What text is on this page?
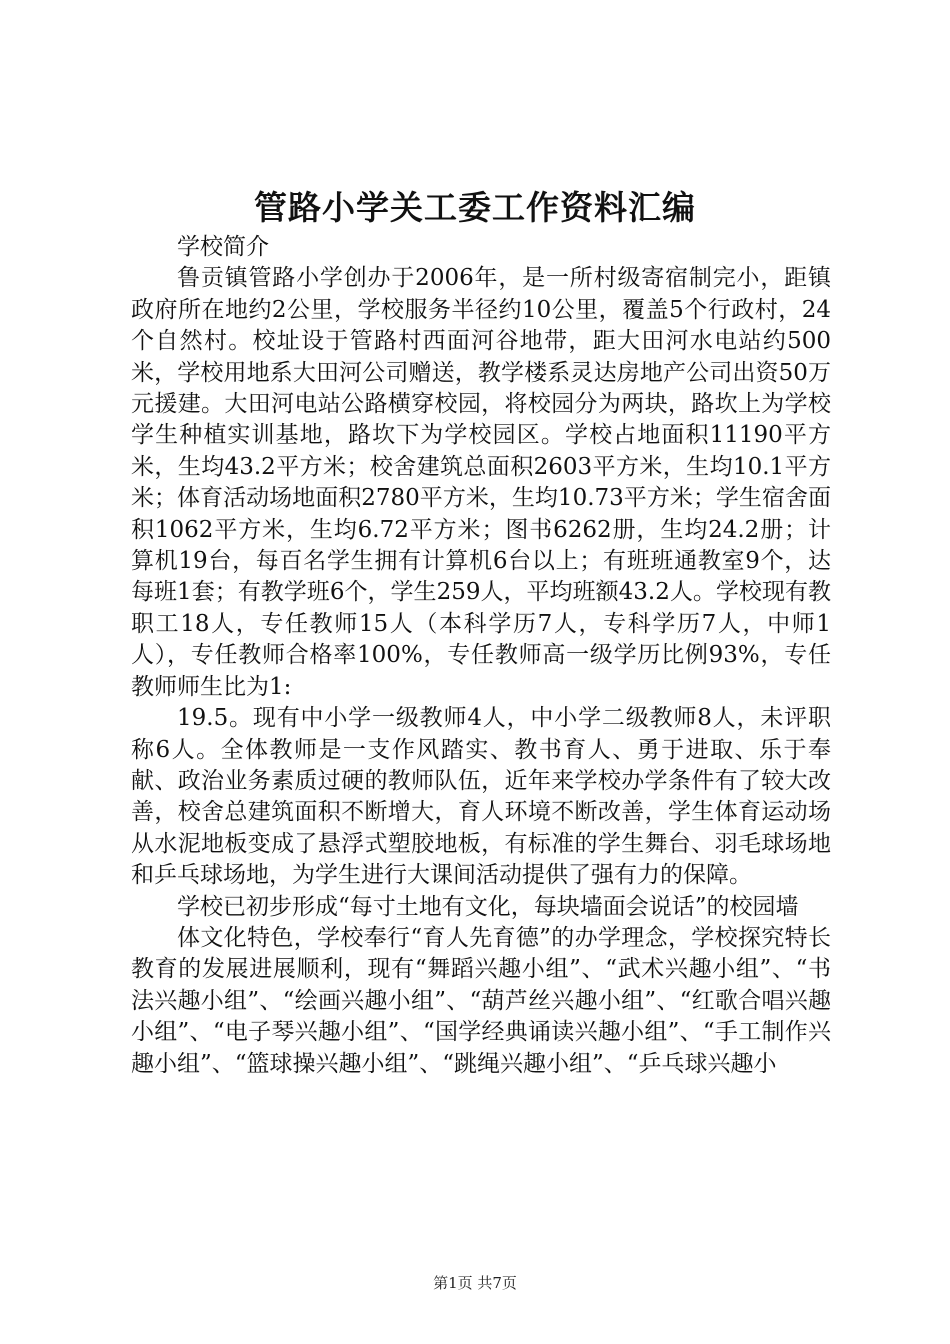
管路小学关工委工作资料汇编

学校简介

鲁贡镇管路小学创办于2006年，是一所村级寄宿制完小，距镇政府所在地约2公里，学校服务半径约10公里，覆盖5个行政村，24个自然村。校址设于管路村西面河谷地带，距大田河水电站约500米，学校用地系大田河公司赠送，教学楼系灵达房地产公司出资50万元援建。大田河电站公路横穿校园，将校园分为两块，路坎上为学校学生种植实训基地，路坎下为学校园区。学校占地面积11190平方米，生均43.2平方米；校舍建筑总面积2603平方米，生均10.1平方米；体育活动场地面积2780平方米，生均10.73平方米；学生宿舍面积1062平方米，生均6.72平方米；图书6262册，生均24.2册；计算机19台，每百名学生拥有计算机6台以上；有班班通教室9个，达每班1套；有教学班6个，学生259人，平均班额43.2人。学校现有教职工18人，专任教师15人（本科学历7人，专科学历7人，中师1人），专任教师合格率100%，专任教师高一级学历比例93%，专任教师师生比为1:

19.5。现有中小学一级教师4人，中小学二级教师8人，未评职称6人。全体教师是一支作风踏实、教书育人、勇于进取、乐于奉献、政治业务素质过硬的教师队伍，近年来学校办学条件有了较大改善，校舍总建筑面积不断增大，育人环境不断改善，学生体育运动场从水泥地板变成了悬浮式塑胶地板，有标准的学生舞台、羽毛球场地和乒乓球场地，为学生进行大课间活动提供了强有力的保障。

学校已初步形成“每寸土地有文化，每块墙面会说话”的校园墙

体文化特色，学校奉行“育人先育德”的办学理念，学校探究特长教育的发展进展顺利，现有“舞蹈兴趣小组”、“武术兴趣小组”、“书法兴趣小组”、“绘画兴趣小组”、“葫芦丝兴趣小组”、“红歌合唱兴趣小组”、“电子琴兴趣小组”、“国学经典诵读兴趣小组”、“手工制作兴趣小组”、“篮球操兴趣小组”、“跳绳兴趣小组”、“乒乓球兴趣小

第1页 共7页
